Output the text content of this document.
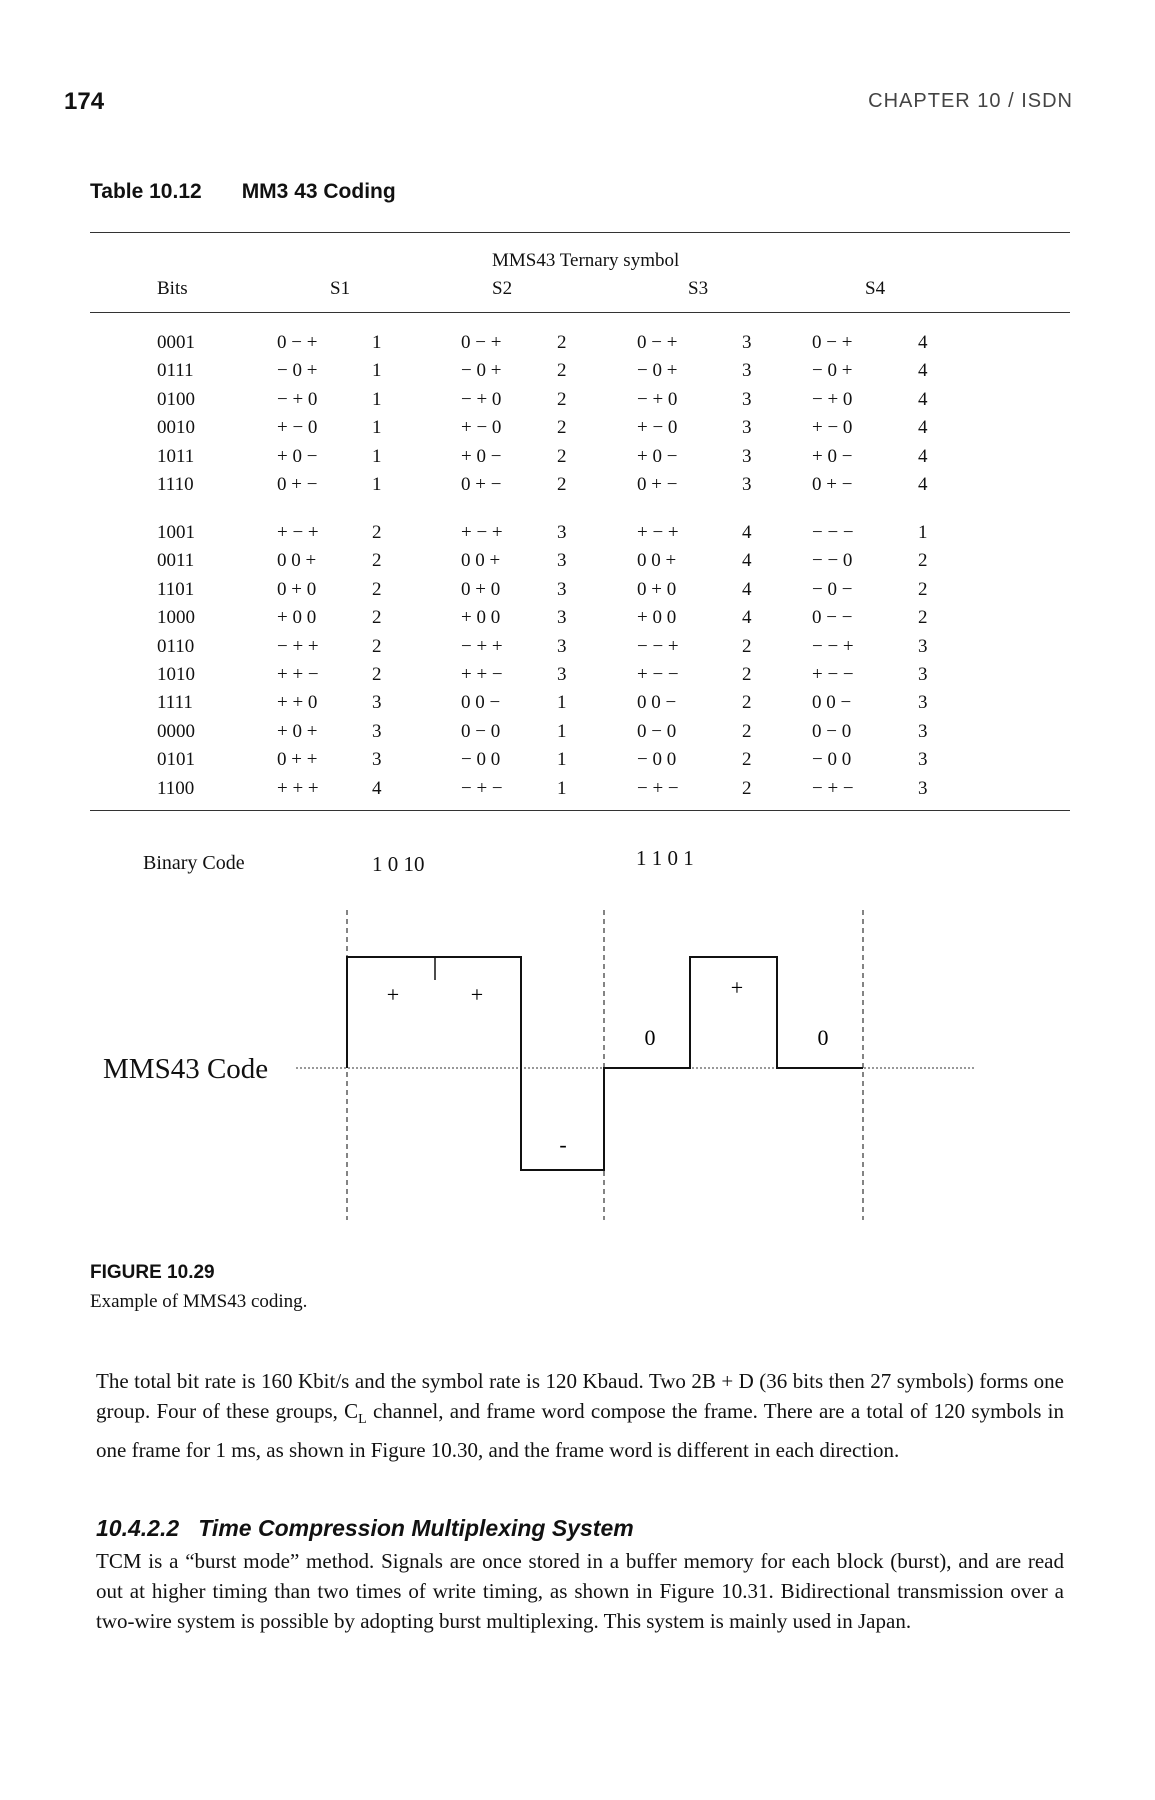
174	CHAPTER 10 / ISDN
Table 10.12 MM3 43 Coding
MMS43 Ternary symbol
Bits	S1	S2	S3	S4
0001	0 − +	1	0 − +	2	0 − +	3	0 − +	4
0111	− 0 +	1	− 0 +	2	− 0 +	3	− 0 +	4
0100	− + 0	1	− + 0	2	− + 0	3	− + 0	4
0010	+ − 0	1	+ − 0	2	+ − 0	3	+ − 0	4
1011	+ 0 −	1	+ 0 −	2	+ 0 −	3	+ 0 −	4
1110	0 + −	1	0 + −	2	0 + −	3	0 + −	4
1001	+ − +	2	+ − +	3	+ − +	4	− − −	1
0011	0 0 +	2	0 0 +	3	0 0 +	4	− − 0	2
1101	0 + 0	2	0 + 0	3	0 + 0	4	− 0 −	2
1000	+ 0 0	2	+ 0 0	3	+ 0 0	4	0 − −	2
0110	− + +	2	− + +	3	− − +	2	− − +	3
1010	+ + −	2	+ + −	3	+ − −	2	+ − −	3
1111	+ + 0	3	0 0 −	1	0 0 −	2	0 0 −	3
0000	+ 0 +	3	0 − 0	1	0 − 0	2	0 − 0	3
0101	0 + +	3	− 0 0	1	− 0 0	2	− 0 0	3
1100	+ + +	4	− + −	1	− + −	2	− + −	3
Binary Code	1 0 10	1 1 0 1
MMS43 Code
+	+
-
0
+
0
FIGURE 10.29
Example of MMS43 coding.
The total bit rate is 160 Kbit/s and the symbol rate is 120 Kbaud. Two 2B + D (36 bits then 27 symbols) forms one group. Four of these groups, $C_L$ channel, and frame word compose the frame. There are a total of 120 symbols in one frame for 1 ms, as shown in Figure 10.30, and the frame word is different in each direction.
10.4.2.2   Time Compression Multiplexing System
TCM is a “burst mode” method. Signals are once stored in a buffer memory for each block (burst), and are read out at higher timing than two times of write timing, as shown in Figure 10.31. Bidirectional transmission over a two-wire system is possible by adopting burst multiplexing. This system is mainly used in Japan.
